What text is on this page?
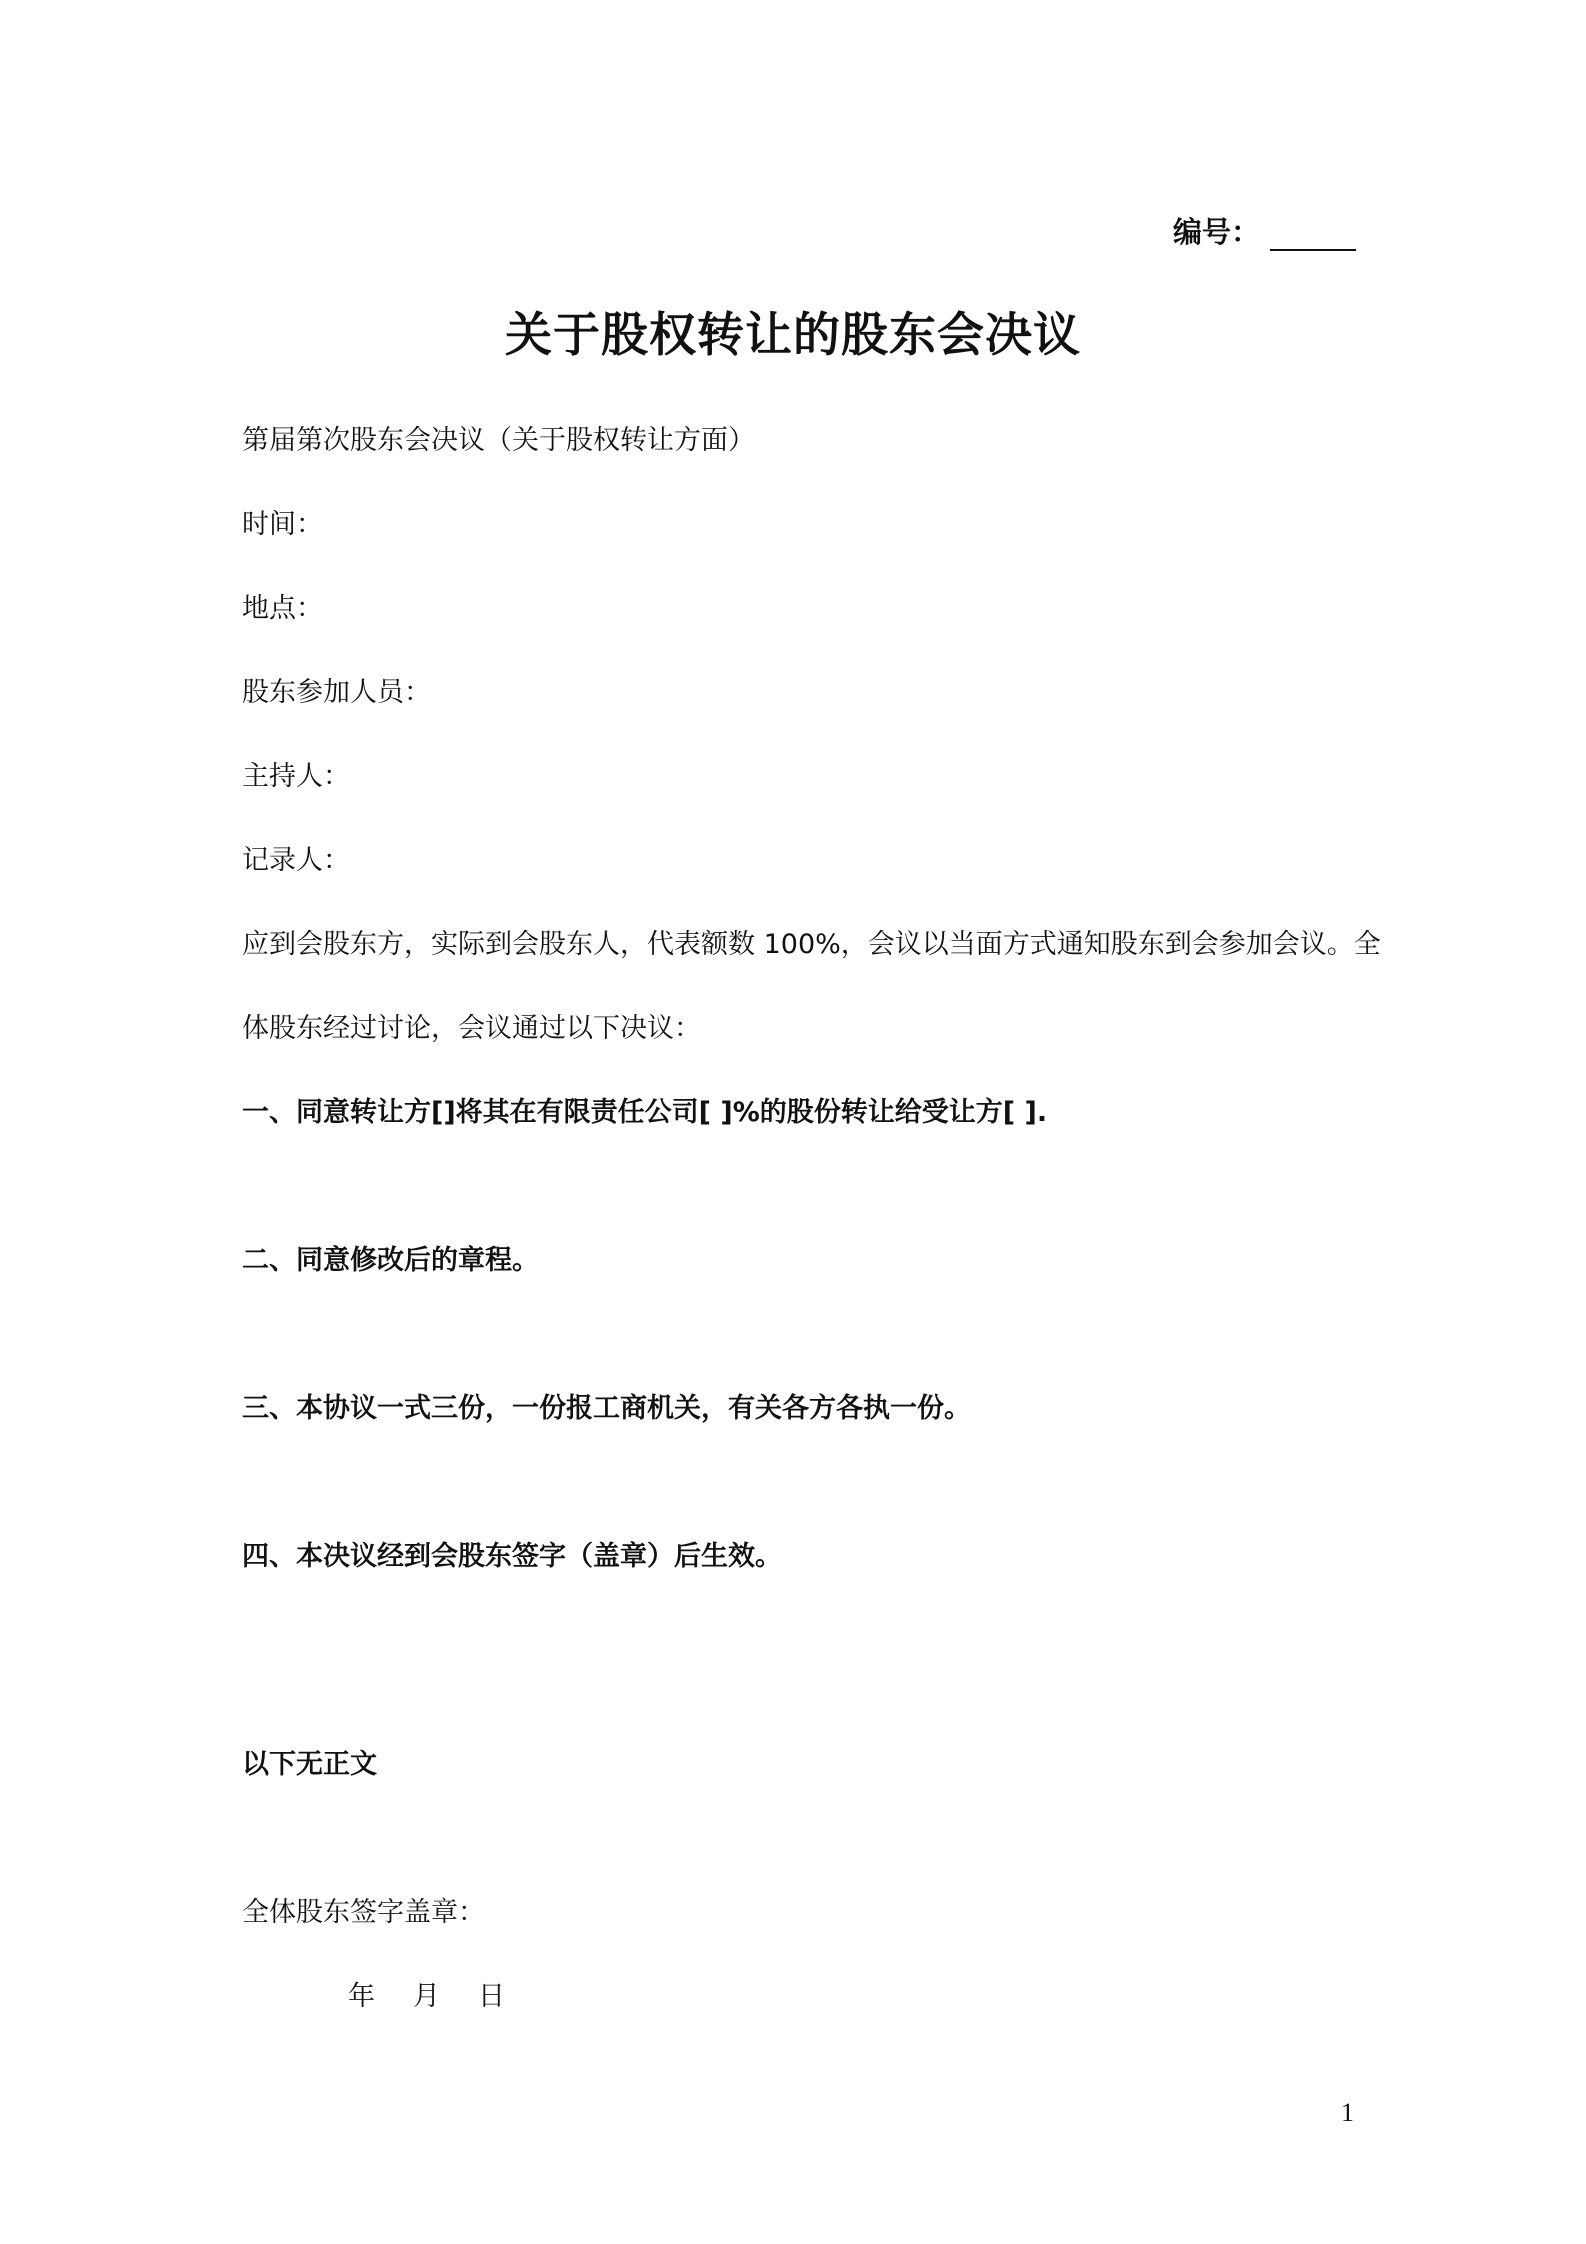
编号：
关于股权转让的股东会决议
第届第次股东会决议（关于股权转让方面）
时间：
地点：
股东参加人员：
主持人：
记录人：
应到会股东方，实际到会股东人，代表额数 100%，会议以当面方式通知股东到会参加会议。全
体股东经过讨论，会议通过以下决议：
一、同意转让方[]将其在有限责任公司[ ]%的股份转让给受让方[ ].
二、同意修改后的章程。
三、本协议一式三份，一份报工商机关，有关各方各执一份。
四、本决议经到会股东签字（盖章）后生效。
以下无正文
全体股东签字盖章：
年 月 日
1
